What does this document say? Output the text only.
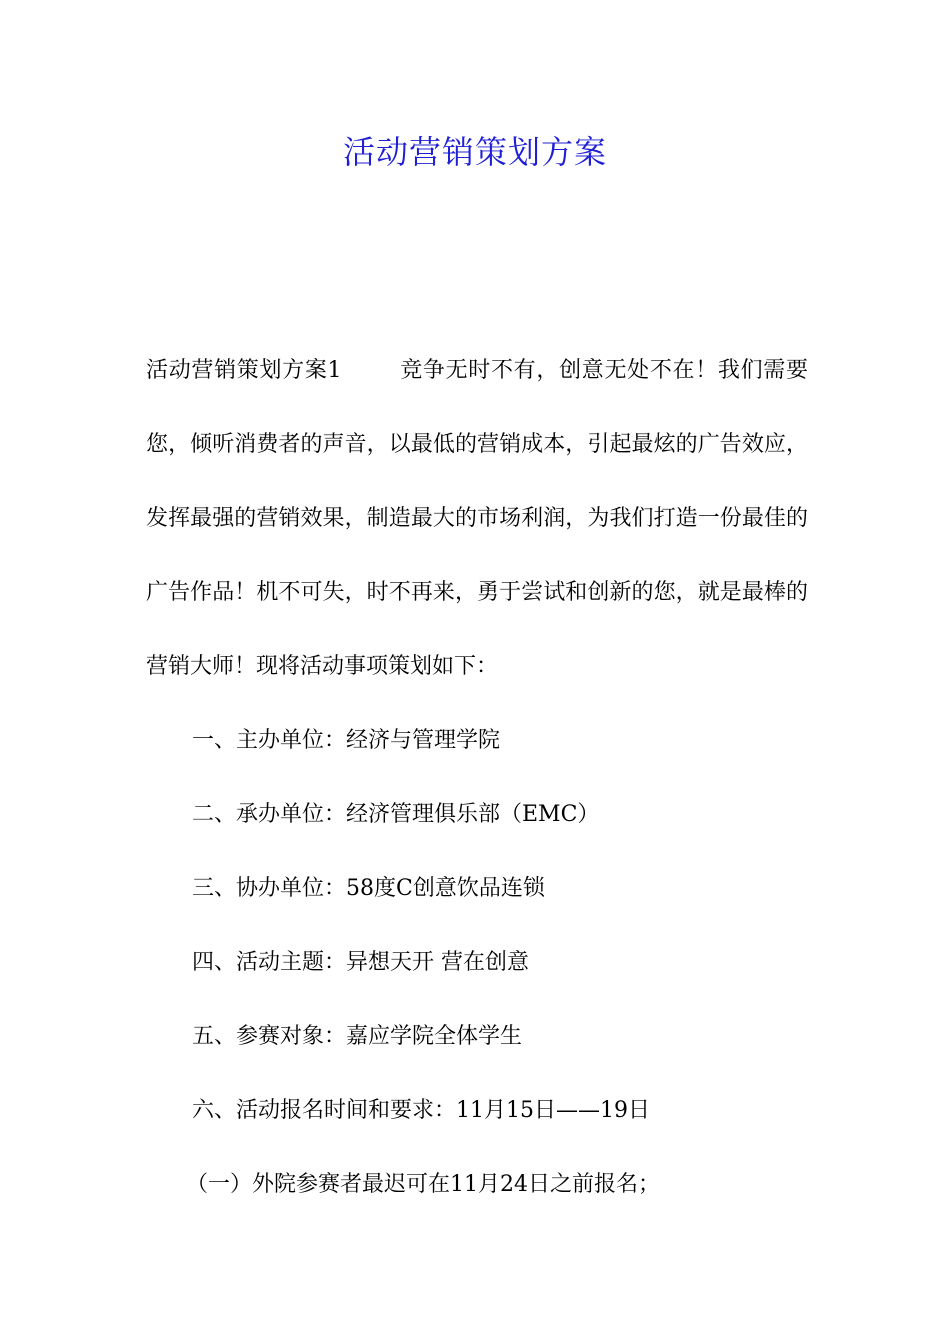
活动营销策划方案

活动营销策划方案1	竞争无时不有，创意无处不在！我们需要您，倾听消费者的声音，以最低的营销成本，引起最炫的广告效应，发挥最强的营销效果，制造最大的市场利润，为我们打造一份最佳的广告作品！机不可失，时不再来，勇于尝试和创新的您，就是最棒的营销大师！现将活动事项策划如下：

一、主办单位：经济与管理学院
二、承办单位：经济管理俱乐部（EMC）
三、协办单位：58度C创意饮品连锁
四、活动主题：异想天开 营在创意
五、参赛对象：嘉应学院全体学生
六、活动报名时间和要求：11月15日——19日
（一）外院参赛者最迟可在11月24日之前报名；
